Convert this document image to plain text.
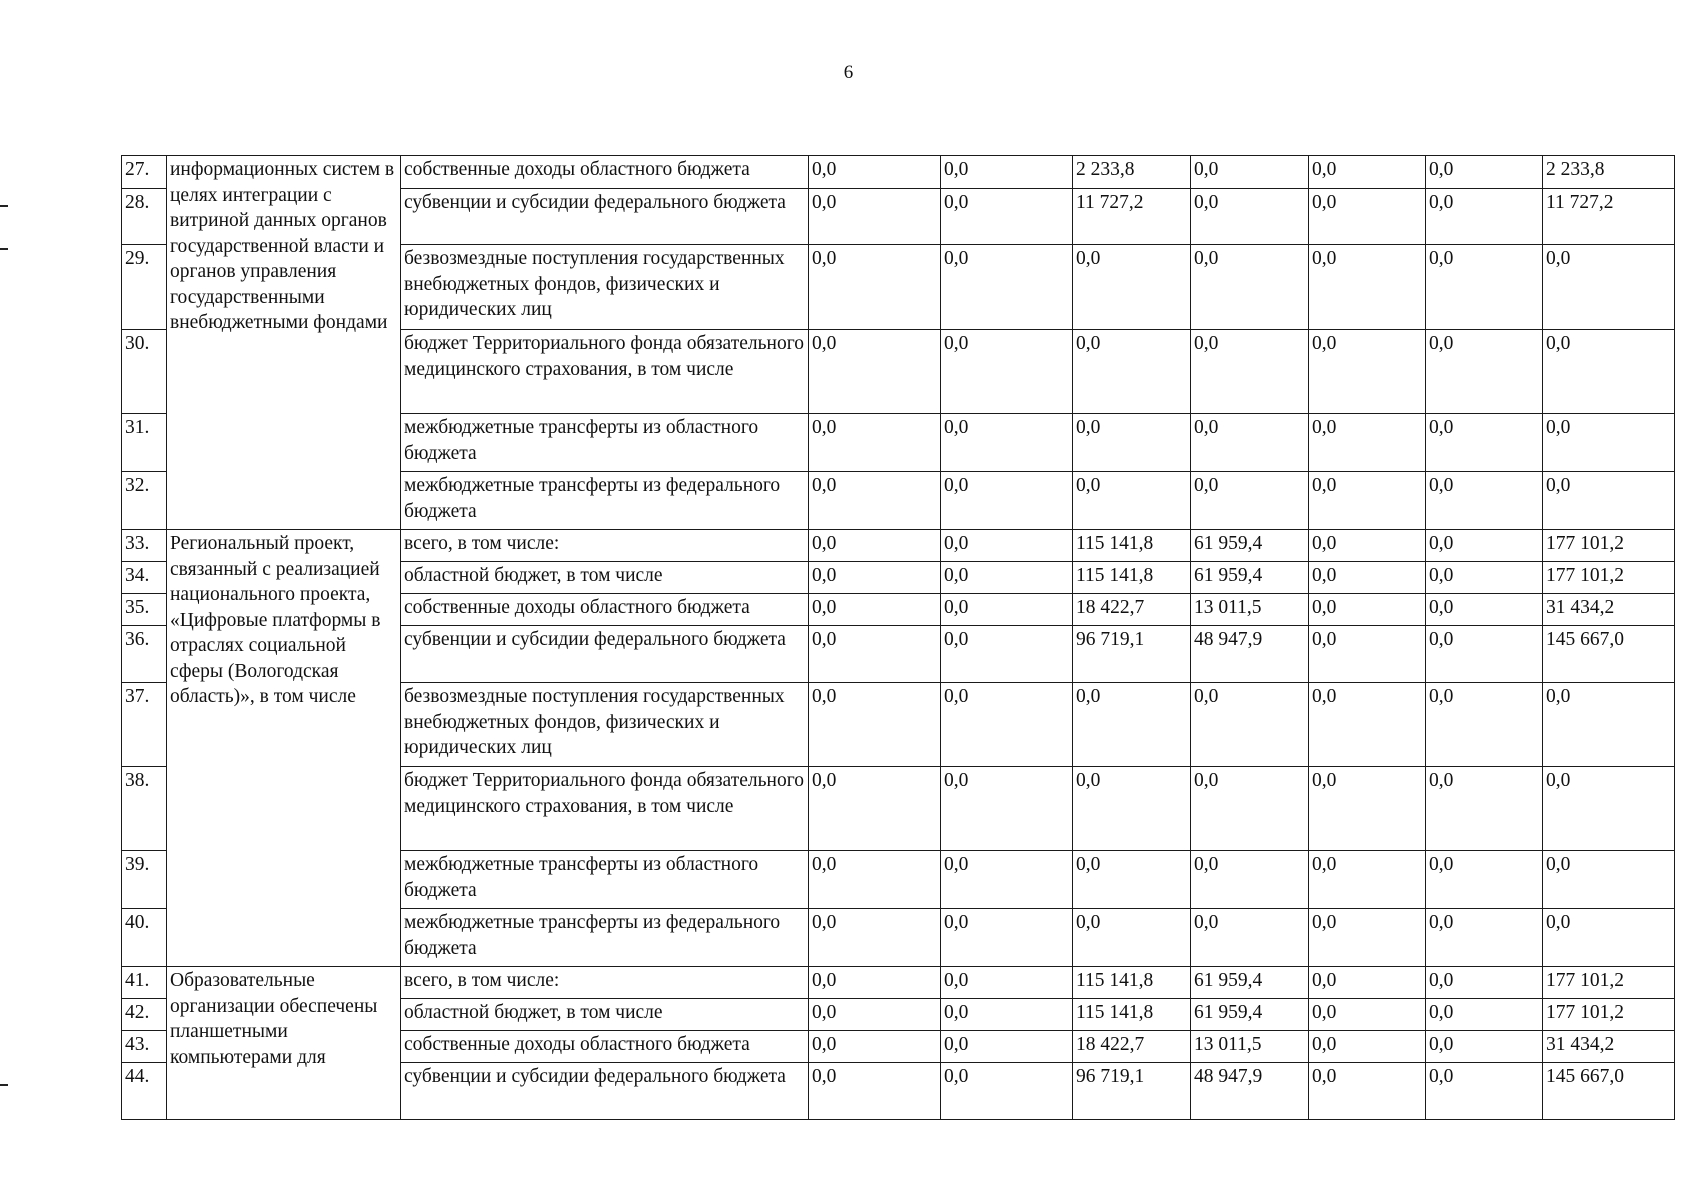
6
27.	информационных систем в целях интеграции с витриной данных органов государственной власти и органов управления государственными внебюджетными фондами	собственные доходы областного бюджета	0,0	0,0	2 233,8	0,0	0,0	0,0	2 233,8
28.		субвенции и субсидии федерального бюджета	0,0	0,0	11 727,2	0,0	0,0	0,0	11 727,2
29.		безвозмездные поступления государственных внебюджетных фондов, физических и юридических лиц	0,0	0,0	0,0	0,0	0,0	0,0	0,0
30.		бюджет Территориального фонда обязательного медицинского страхования, в том числе	0,0	0,0	0,0	0,0	0,0	0,0	0,0
31.		межбюджетные трансферты из областного бюджета	0,0	0,0	0,0	0,0	0,0	0,0	0,0
32.		межбюджетные трансферты из федерального бюджета	0,0	0,0	0,0	0,0	0,0	0,0	0,0
33.	Региональный проект, связанный с реализацией национального проекта, «Цифровые платформы в отраслях социальной сферы (Вологодская область)», в том числе	всего, в том числе:	0,0	0,0	115 141,8	61 959,4	0,0	0,0	177 101,2
34.		областной бюджет, в том числе	0,0	0,0	115 141,8	61 959,4	0,0	0,0	177 101,2
35.		собственные доходы областного бюджета	0,0	0,0	18 422,7	13 011,5	0,0	0,0	31 434,2
36.		субвенции и субсидии федерального бюджета	0,0	0,0	96 719,1	48 947,9	0,0	0,0	145 667,0
37.		безвозмездные поступления государственных внебюджетных фондов, физических и юридических лиц	0,0	0,0	0,0	0,0	0,0	0,0	0,0
38.		бюджет Территориального фонда обязательного медицинского страхования, в том числе	0,0	0,0	0,0	0,0	0,0	0,0	0,0
39.		межбюджетные трансферты из областного бюджета	0,0	0,0	0,0	0,0	0,0	0,0	0,0
40.		межбюджетные трансферты из федерального бюджета	0,0	0,0	0,0	0,0	0,0	0,0	0,0
41.	Образовательные организации обеспечены планшетными компьютерами для	всего, в том числе:	0,0	0,0	115 141,8	61 959,4	0,0	0,0	177 101,2
42.		областной бюджет, в том числе	0,0	0,0	115 141,8	61 959,4	0,0	0,0	177 101,2
43.		собственные доходы областного бюджета	0,0	0,0	18 422,7	13 011,5	0,0	0,0	31 434,2
44.		субвенции и субсидии федерального бюджета	0,0	0,0	96 719,1	48 947,9	0,0	0,0	145 667,0
